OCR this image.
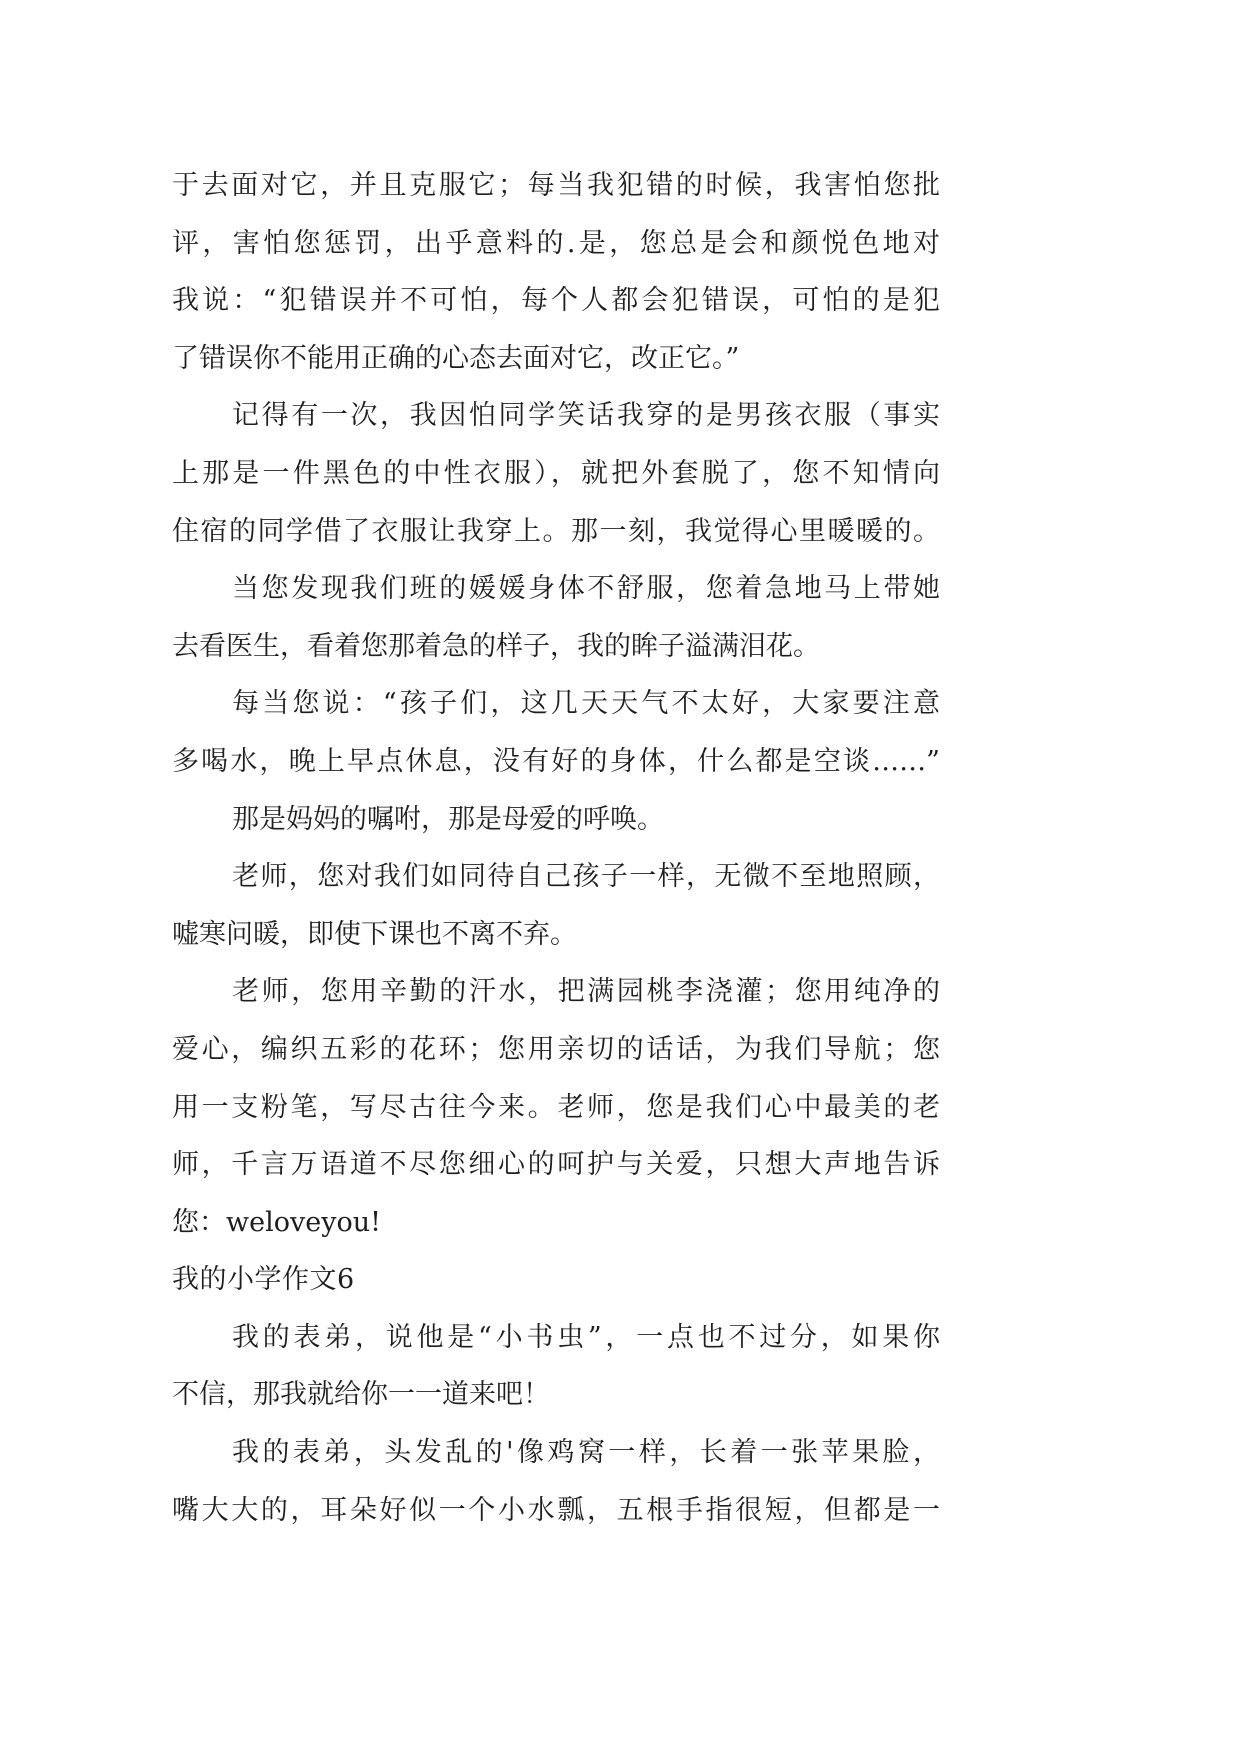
于去面对它，并且克服它；每当我犯错的时候，我害怕您批
评，害怕您惩罚，出乎意料的.是，您总是会和颜悦色地对
我说：“犯错误并不可怕，每个人都会犯错误，可怕的是犯
了错误你不能用正确的心态去面对它，改正它。”
记得有一次，我因怕同学笑话我穿的是男孩衣服（事实
上那是一件黑色的中性衣服），就把外套脱了，您不知情向
住宿的同学借了衣服让我穿上。那一刻，我觉得心里暖暖的。
当您发现我们班的媛媛身体不舒服，您着急地马上带她
去看医生，看着您那着急的样子，我的眸子溢满泪花。
每当您说：“孩子们，这几天天气不太好，大家要注意
多喝水，晚上早点休息，没有好的身体，什么都是空谈……”
那是妈妈的嘱咐，那是母爱的呼唤。
老师，您对我们如同待自己孩子一样，无微不至地照顾，
嘘寒问暖，即使下课也不离不弃。
老师，您用辛勤的汗水，把满园桃李浇灌；您用纯净的
爱心，编织五彩的花环；您用亲切的话话，为我们导航；您
用一支粉笔，写尽古往今来。老师，您是我们心中最美的老
师，千言万语道不尽您细心的呵护与关爱，只想大声地告诉
您：weloveyou!
我的小学作文6
我的表弟，说他是“小书虫”，一点也不过分，如果你
不信，那我就给你一一道来吧！
我的表弟，头发乱的'像鸡窝一样，长着一张苹果脸，
嘴大大的，耳朵好似一个小水瓢，五根手指很短，但都是一
